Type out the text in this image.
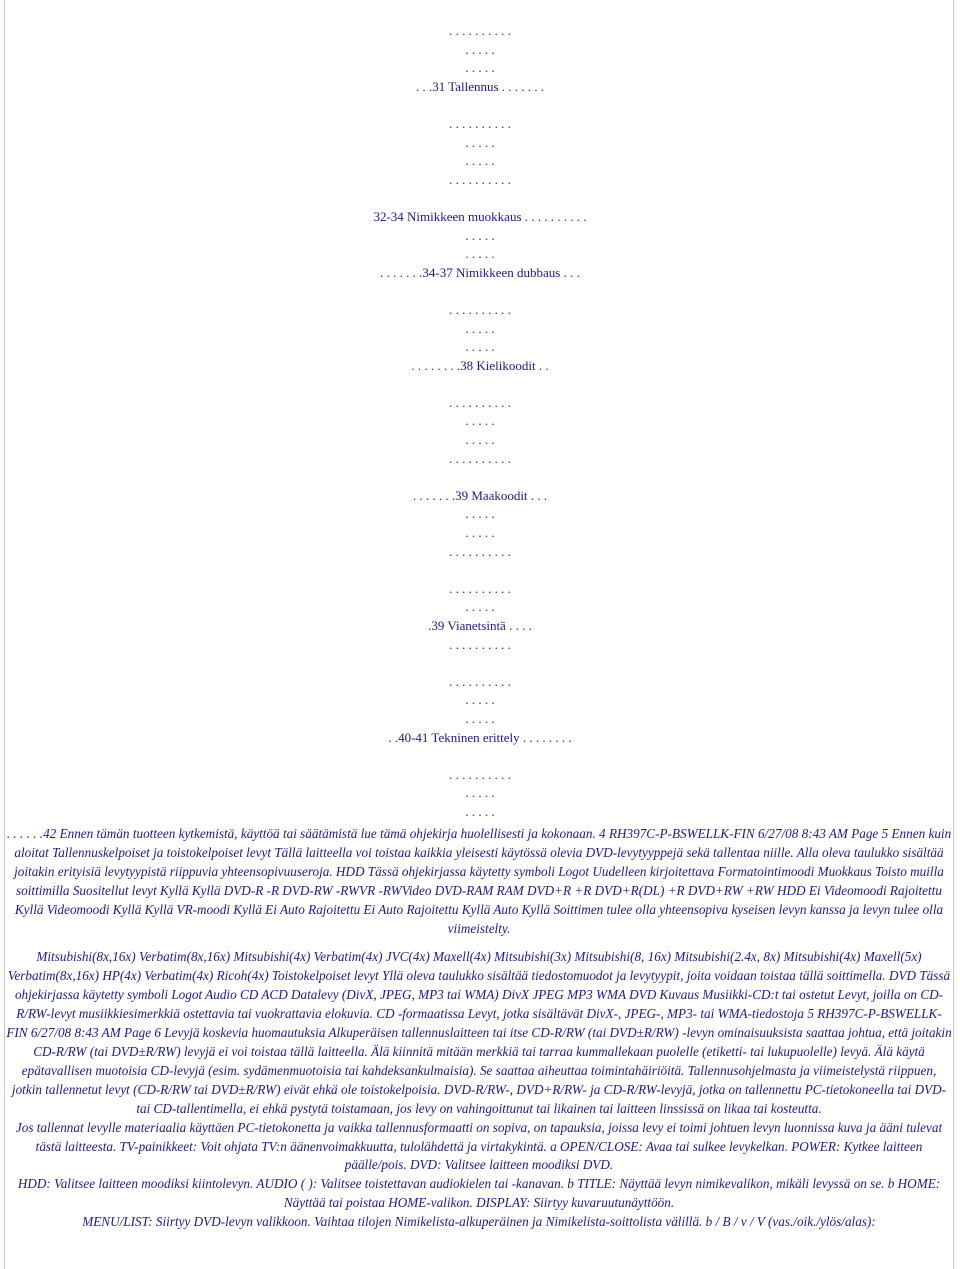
. . . . . . . . . .
. . . . .
. . . . .
. . .31 Tallennus . . . . . . .
. . . . . . . . . .
. . . . .
. . . . .
. . . . . . . . . .
32-34 Nimikkeen muokkaus . . . . . . . . . .
. . . . .
. . . . .
. . . . . . .34-37 Nimikkeen dubbaus . . .
. . . . . . . . . .
. . . . .
. . . . .
. . . . . . . .38 Kielikoodit . .
. . . . . . . . . .
. . . . .
. . . . .
. . . . . . . . . .
. . . . . . .39 Maakoodit . . .
. . . . .
. . . . .
. . . . . . . . . .
. . . . . . . . . .
. . . . .
.39 Vianetsintä . . . .
. . . . . . . . . .
. . . . . . . . . .
. . . . .
. . . . .
. .40-41 Tekninen erittely . . . . . . . .
. . . . . . . . . .
. . . . .
. . . . .

. . . . . .42 Ennen tämän tuotteen kytkemistä, käyttöä tai säätämistä lue tämä ohjekirja huolellisesti ja kokonaan. 4 RH397C-P-BSWELLK-FIN 6/27/08 8:43 AM Page 5 Ennen kuin aloitat Tallennuskelpoiset ja toistokelpoiset levyt Tällä laitteella voi toistaa kaikkia yleisesti käytössä olevia DVD-levytyyppejä sekä tallentaa niille. Alla oleva taulukko sisältää joitakin erityisiä levytyypistä riippuvia yhteensopivuuseroja. HDD Tässä ohjekirjassa käytetty symboli Logot Uudelleen kirjoitettava Formatointimoodi Muokkaus Toisto muilla soittimilla Suositellut levyt Kyllä Kyllä DVD-R -R DVD-RW -RWVR -RWVideo DVD-RAM RAM DVD+R +R DVD+R(DL) +R DVD+RW +RW HDD Ei Videomoodi Rajoitettu Kyllä Videomoodi Kyllä Kyllä VR-moodi Kyllä Ei Auto Rajoitettu Ei Auto Rajoitettu Kyllä Auto Kyllä Soittimen tulee olla yhteensopiva kyseisen levyn kanssa ja levyn tulee olla viimeistelty.

Mitsubishi(8x,16x) Verbatim(8x,16x) Mitsubishi(4x) Verbatim(4x) JVC(4x) Maxell(4x) Mitsubishi(3x) Mitsubishi(8, 16x) Mitsubishi(2.4x, 8x) Mitsubishi(4x) Maxell(5x) Verbatim(8x,16x) HP(4x) Verbatim(4x) Ricoh(4x) Toistokelpoiset levyt Yllä oleva taulukko sisältää tiedostomuodot ja levytyypit, joita voidaan toistaa tällä soittimella. DVD Tässä ohjekirjassa käytetty symboli Logot Audio CD ACD Datalevy (DivX, JPEG, MP3 tai WMA) DivX JPEG MP3 WMA DVD Kuvaus Musiikki-CD:t tai ostetut Levyt, joilla on CD-R/RW-levyt musiikkiesimerkkiä ostettavia tai vuokrattavia elokuvia. CD -formaatissa Levyt, jotka sisältävät DivX-, JPEG-, MP3- tai WMA-tiedostoja 5 RH397C-P-BSWELLK-FIN 6/27/08 8:43 AM Page 6 Levyjä koskevia huomautuksia Alkuperäisen tallennuslaitteen tai itse CD-R/RW (tai DVD±R/RW) -levyn ominaisuuksista saattaa johtua, että joitakin CD-R/RW (tai DVD±R/RW) levyjä ei voi toistaa tällä laitteella. Älä kiinnitä mitään merkkiä tai tarraa kummallekaan puolelle (etiketti- tai lukupuolelle) levyä. Älä käytä epätavallisen muotoisia CD-levyjä (esim. sydämenmuotoisia tai kahdeksankulmaisia). Se saattaa aiheuttaa toimintahäiriöitä. Tallennusohjelmasta ja viimeistelystä riippuen, jotkin tallennetut levyt (CD-R/RW tai DVD±R/RW) eivät ehkä ole toistokelpoisia. DVD-R/RW-, DVD+R/RW- ja CD-R/RW-levyjä, jotka on tallennettu PC-tietokoneella tai DVD- tai CD-tallentimella, ei ehkä pystytä toistamaan, jos levy on vahingoittunut tai likainen tai laitteen linssissä on likaa tai kosteutta.

Jos tallennat levylle materiaalia käyttäen PC-tietokonetta ja vaikka tallennusformaatti on sopiva, on tapauksia, joissa levy ei toimi johtuen levyn luonnissa kuva ja ääni tulevat tästä laitteesta. TV-painikkeet: Voit ohjata TV:n äänenvoimakkuutta, tulolähdettä ja virtakykintä. a OPEN/CLOSE: Avaa tai sulkee levykelkan. POWER: Kytkee laitteen päälle/pois. DVD: Valitsee laitteen moodiksi DVD.

HDD: Valitsee laitteen moodiksi kiintolevyn. AUDIO ( ): Valitsee toistettavan audiokielen tai -kanavan. b TITLE: Näyttää levyn nimikevalikon, mikäli levyssä on se. b HOME: Näyttää tai poistaa HOME-valikon. DISPLAY: Siirtyy kuvaruutunäyttöön.

MENU/LIST: Siirtyy DVD-levyn valikkoon. Vaihtaa tilojen Nimikelista-alkuperäinen ja Nimikelista-soittolista välillä. b / B / v / V (vas./oik./ylös/alas):
